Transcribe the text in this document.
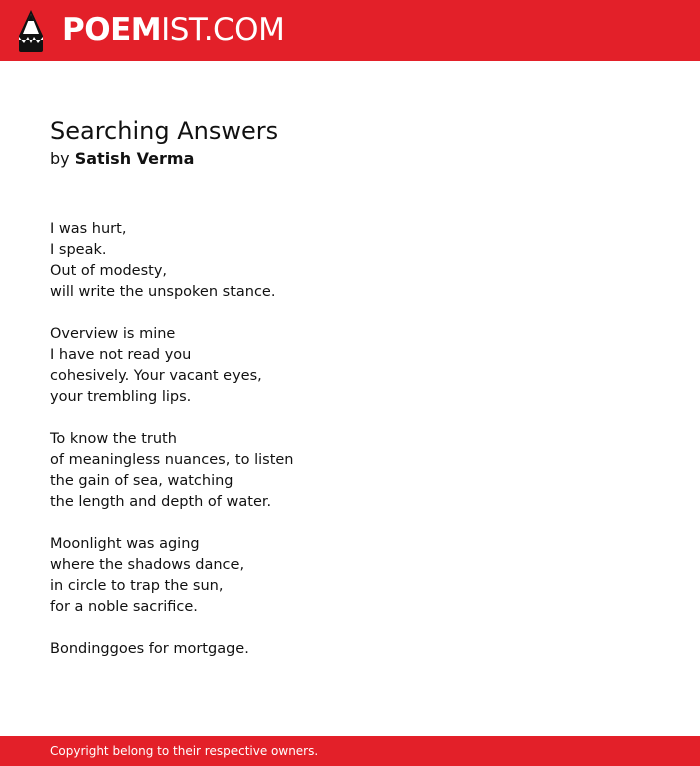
POEMIST.COM
Searching Answers
by Satish Verma
I was hurt,
I speak.
Out of modesty,
will write the unspoken stance.
Overview is mine
I have not read you
cohesively. Your vacant eyes,
your trembling lips.
To know the truth
of meaningless nuances, to listen
the gain of sea, watching
the length and depth of water.
Moonlight was aging
where the shadows dance,
in circle to trap the sun,
for a noble sacrifice.
Bondinggoes for mortgage.
Copyright belong to their respective owners.
